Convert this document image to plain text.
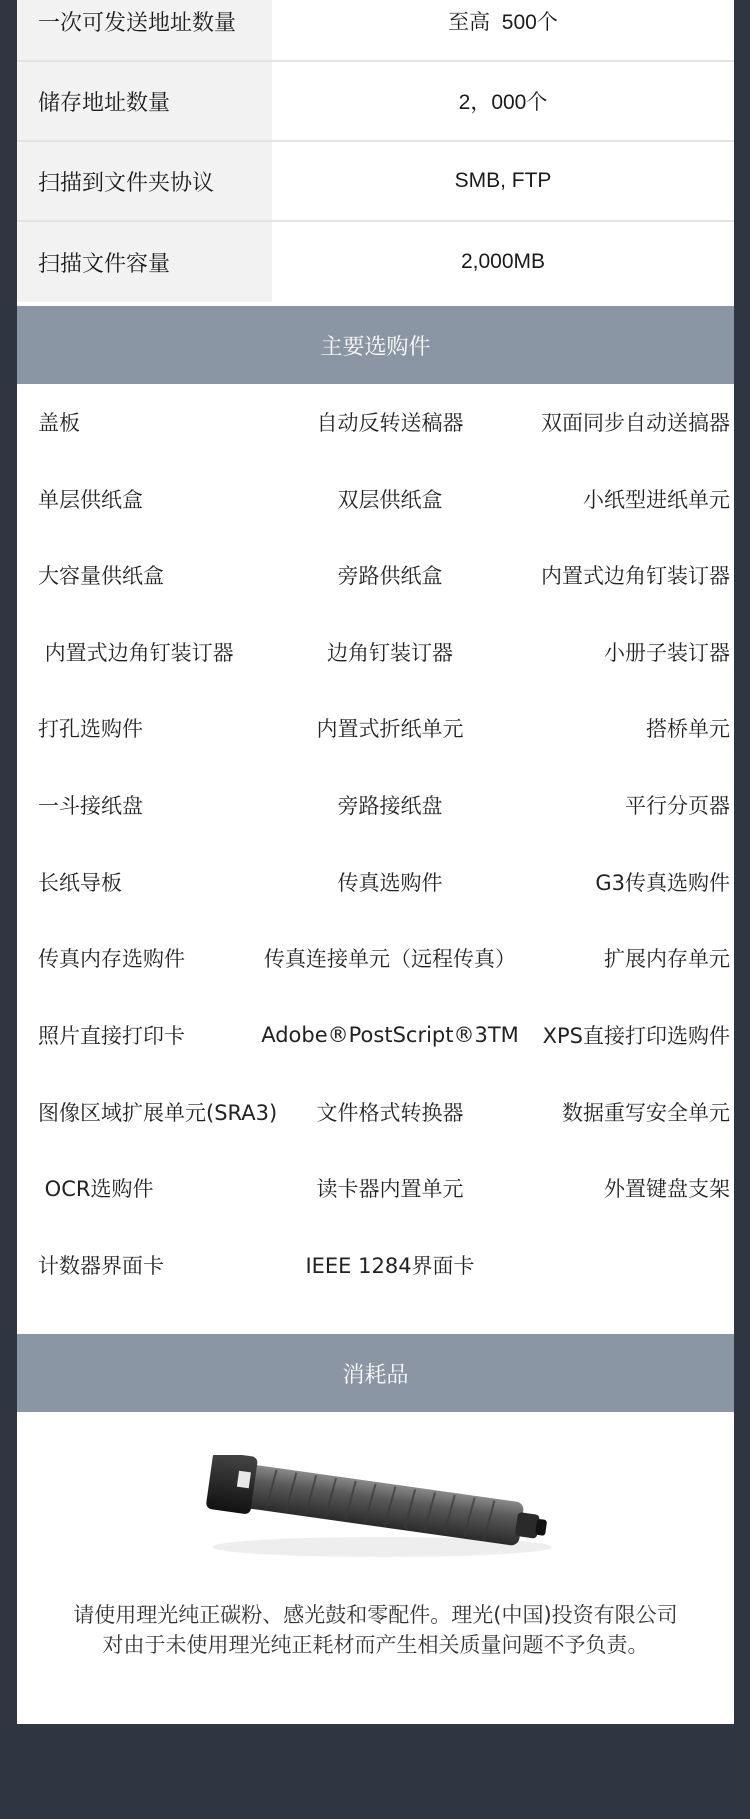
一次可发送地址数量	至高  500个
储存地址数量	2，000个
扫描到文件夹协议	SMB, FTP
扫描文件容量	2,000MB
主要选购件
盖板	自动反转送稿器	双面同步自动送搞器
单层供纸盒	双层供纸盒	小纸型进纸单元
大容量供纸盒	旁路供纸盒	内置式边角钉装订器
内置式边角钉装订器	边角钉装订器	小册子装订器
打孔选购件	内置式折纸单元	搭桥单元
一斗接纸盘	旁路接纸盘	平行分页器
长纸导板	传真选购件	G3传真选购件
传真内存选购件	传真连接单元（远程传真）	扩展内存单元
照片直接打印卡	Adobe®PostScript®3TM	XPS直接打印选购件
图像区域扩展单元(SRA3)	文件格式转换器	数据重写安全单元
OCR选购件	读卡器内置单元	外置键盘支架
计数器界面卡	IEEE 1284界面卡
消耗品
请使用理光纯正碳粉、感光鼓和零配件。理光(中国)投资有限公司
对由于未使用理光纯正耗材而产生相关质量问题不予负责。
